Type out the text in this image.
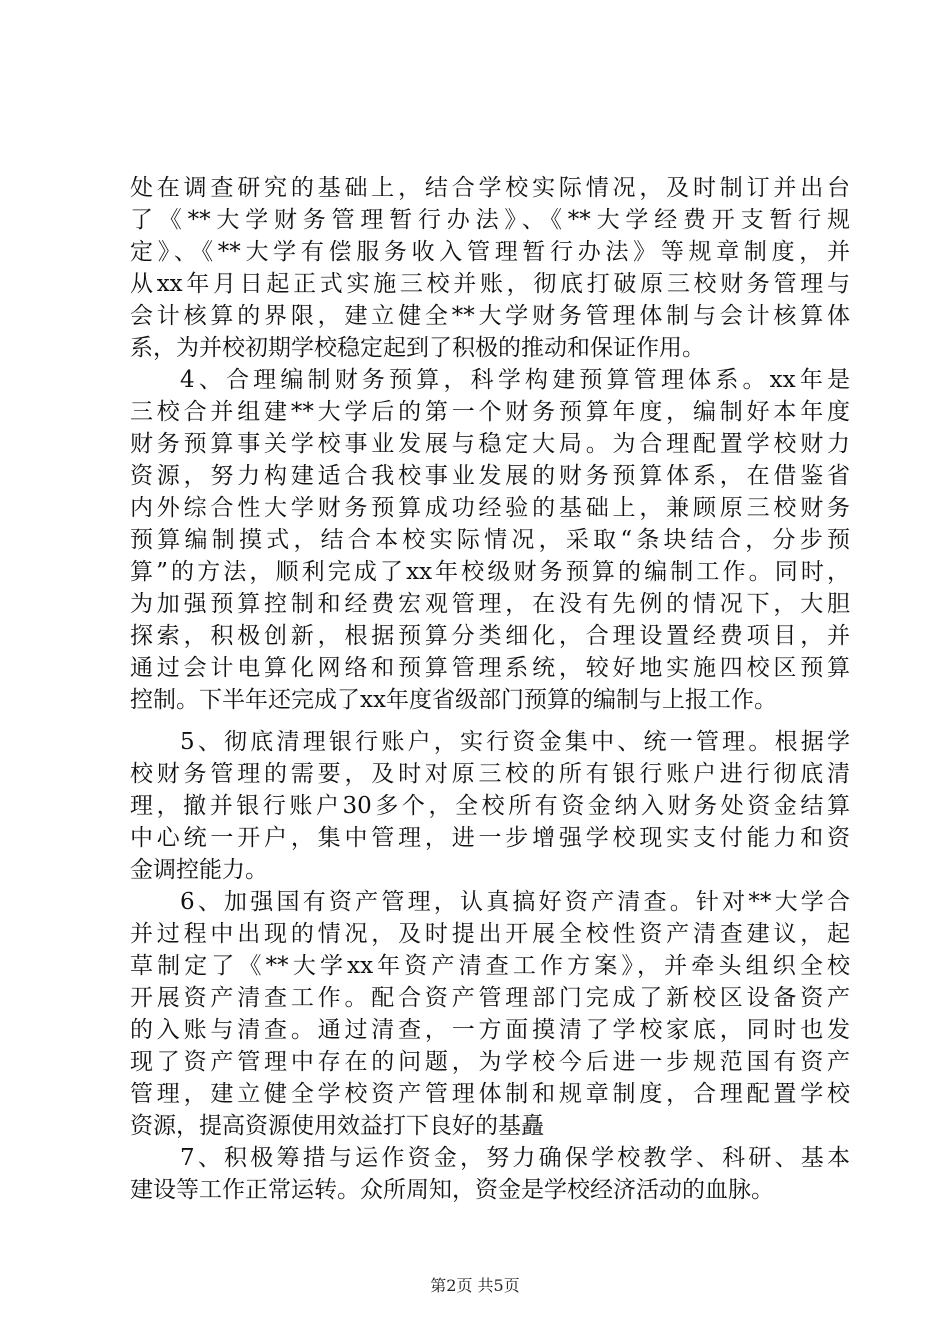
处在调查研究的基础上，结合学校实际情况，及时制订并出台
了《**大学财务管理暂行办法》、《**大学经费开支暂行规
定》、《**大学有偿服务收入管理暂行办法》等规章制度，并
从xx年月日起正式实施三校并账，彻底打破原三校财务管理与
会计核算的界限，建立健全**大学财务管理体制与会计核算体
系，为并校初期学校稳定起到了积极的推动和保证作用。
4、合理编制财务预算，科学构建预算管理体系。xx年是
三校合并组建**大学后的第一个财务预算年度，编制好本年度
财务预算事关学校事业发展与稳定大局。为合理配置学校财力
资源，努力构建适合我校事业发展的财务预算体系，在借鉴省
内外综合性大学财务预算成功经验的基础上，兼顾原三校财务
预算编制摸式，结合本校实际情况，采取“条块结合，分步预
算”的方法，顺利完成了xx年校级财务预算的编制工作。同时，
为加强预算控制和经费宏观管理，在没有先例的情况下，大胆
探索，积极创新，根据预算分类细化，合理设置经费项目，并
通过会计电算化网络和预算管理系统，较好地实施四校区预算
控制。下半年还完成了xx年度省级部门预算的编制与上报工作。
5、彻底清理银行账户，实行资金集中、统一管理。根据学
校财务管理的需要，及时对原三校的所有银行账户进行彻底清
理，撤并银行账户30多个，全校所有资金纳入财务处资金结算
中心统一开户，集中管理，进一步增强学校现实支付能力和资
金调控能力。
6、加强国有资产管理，认真搞好资产清查。针对**大学合
并过程中出现的情况，及时提出开展全校性资产清查建议，起
草制定了《**大学xx年资产清查工作方案》，并牵头组织全校
开展资产清查工作。配合资产管理部门完成了新校区设备资产
的入账与清查。通过清查，一方面摸清了学校家底，同时也发
现了资产管理中存在的问题，为学校今后进一步规范国有资产
管理，建立健全学校资产管理体制和规章制度，合理配置学校
资源，提高资源使用效益打下良好的基矗
7、积极筹措与运作资金，努力确保学校教学、科研、基本
建设等工作正常运转。众所周知，资金是学校经济活动的血脉。
第2页 共5页
